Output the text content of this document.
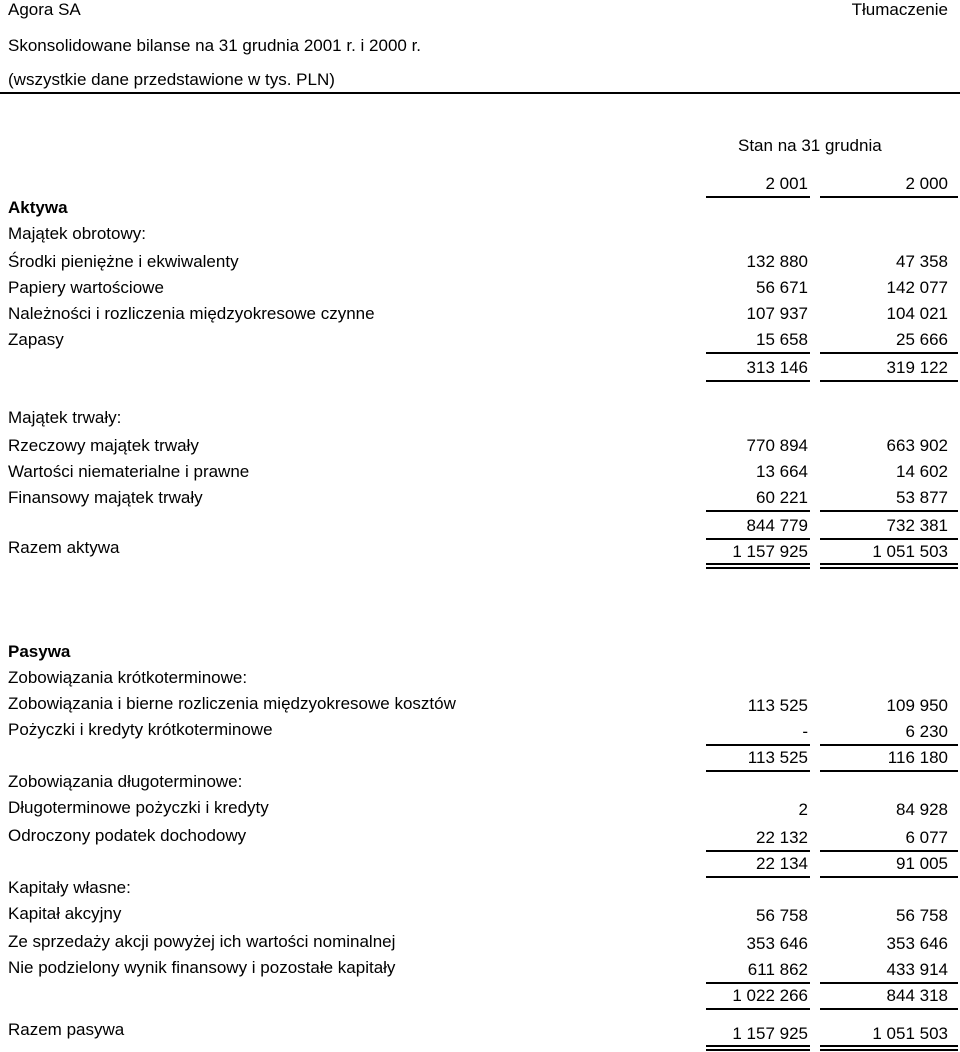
Agora SA	Tłumaczenie
Skonsolidowane bilanse na 31 grudnia 2001 r. i 2000 r.
(wszystkie dane przedstawione w tys. PLN)
Stan na 31 grudnia
2 001	2 000
Aktywa
Majątek obrotowy:
Środki pieniężne i ekwiwalenty	132 880	47 358
Papiery wartościowe	56 671	142 077
Należności i rozliczenia międzyokresowe czynne	107 937	104 021
Zapasy	15 658	25 666
313 146	319 122
Majątek trwały:
Rzeczowy majątek trwały	770 894	663 902
Wartości niematerialne i prawne	13 664	14 602
Finansowy majątek trwały	60 221	53 877
844 779	732 381
Razem aktywa	1 157 925	1 051 503
Pasywa
Zobowiązania krótkoterminowe:
Zobowiązania i bierne rozliczenia międzyokresowe kosztów	113 525	109 950
Pożyczki i kredyty krótkoterminowe	-	6 230
113 525	116 180
Zobowiązania długoterminowe:
Długoterminowe pożyczki i kredyty	2	84 928
Odroczony podatek dochodowy	22 132	6 077
22 134	91 005
Kapitały własne:
Kapitał akcyjny	56 758	56 758
Ze sprzedaży akcji powyżej ich wartości nominalnej	353 646	353 646
Nie podzielony wynik finansowy i pozostałe kapitały	611 862	433 914
1 022 266	844 318
Razem pasywa	1 157 925	1 051 503
